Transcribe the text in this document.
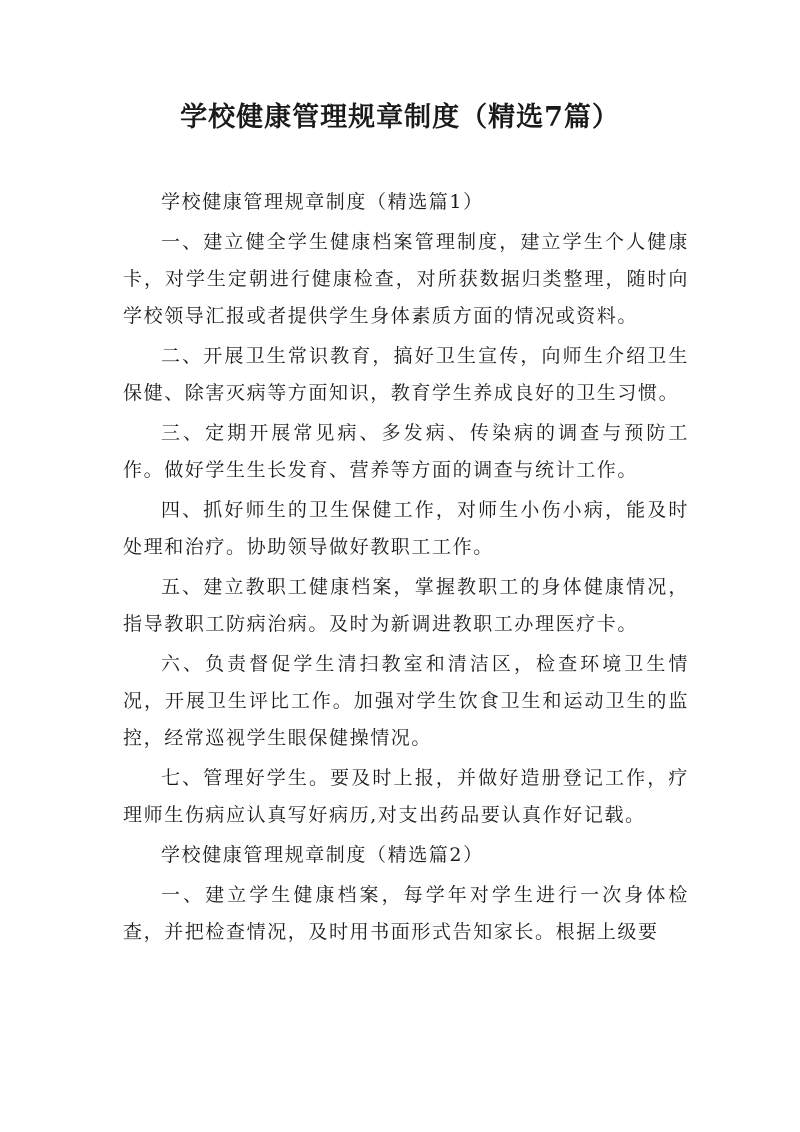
学校健康管理规章制度（精选7篇）

学校健康管理规章制度（精选篇1）

一、建立健全学生健康档案管理制度，建立学生个人健康卡，对学生定朝进行健康检查，对所获数据归类整理，随时向学校领导汇报或者提供学生身体素质方面的情况或资料。

二、开展卫生常识教育，搞好卫生宣传，向师生介绍卫生保健、除害灭病等方面知识，教育学生养成良好的卫生习惯。

三、定期开展常见病、多发病、传染病的调查与预防工作。做好学生生长发育、营养等方面的调查与统计工作。

四、抓好师生的卫生保健工作，对师生小伤小病，能及时处理和治疗。协助领导做好教职工工作。

五、建立教职工健康档案，掌握教职工的身体健康情况，指导教职工防病治病。及时为新调进教职工办理医疗卡。

六、负责督促学生清扫教室和清洁区，检查环境卫生情况，开展卫生评比工作。加强对学生饮食卫生和运动卫生的监控，经常巡视学生眼保健操情况。

七、管理好学生。要及时上报，并做好造册登记工作，疗理师生伤病应认真写好病历,对支出药品要认真作好记载。

学校健康管理规章制度（精选篇2）

一、建立学生健康档案，每学年对学生进行一次身体检查，并把检查情况，及时用书面形式告知家长。根据上级要
